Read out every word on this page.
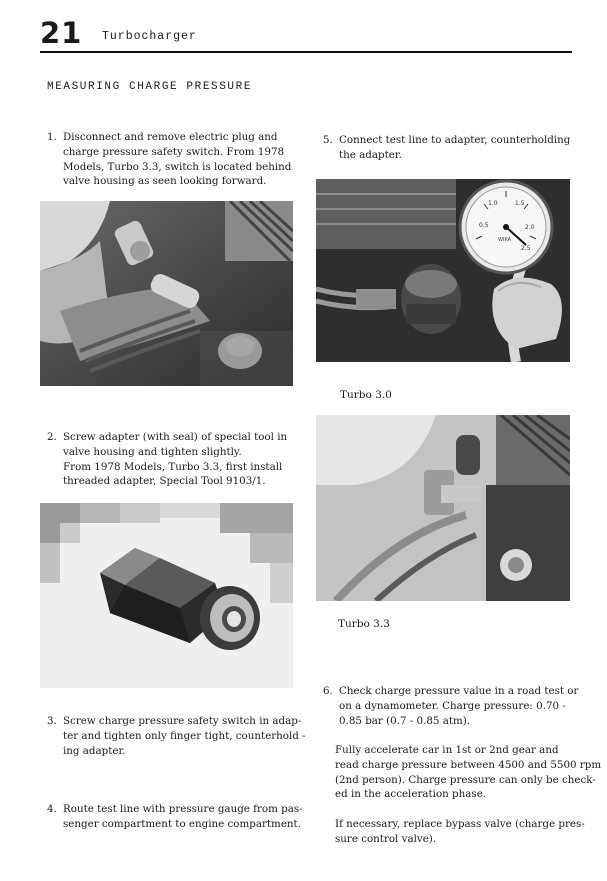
21 Turbocharger
MEASURING CHARGE PRESSURE
1. Disconnect and remove electric plug and
charge pressure safety switch. From 1978
Models, Turbo 3.3, switch is located behind
valve housing as seen looking forward.
2. Screw adapter (with seal) of special tool in
valve housing and tighten slightly.
From 1978 Models, Turbo 3.3, first install
threaded adapter, Special Tool 9103/1.
3. Screw charge pressure safety switch in adap-
ter and tighten only finger tight, counterhold -
ing adapter.
4. Route test line with pressure gauge from pas-
senger compartment to engine compartment.
5. Connect test line to adapter, counterholding
the adapter.
0.5
1.0	1.5
2.0
2.5
WIKA
Turbo 3.0
Turbo 3.3
6. Check charge pressure value in a road test or
on a dynamometer. Charge pressure: 0.70 -
0.85 bar (0.7 - 0.85 atm).
Fully accelerate car in 1st or 2nd gear and
read charge pressure between 4500 and 5500 rpm
(2nd person). Charge pressure can only be check-
ed in the acceleration phase.
If necessary, replace bypass valve (charge pres-
sure control valve).
